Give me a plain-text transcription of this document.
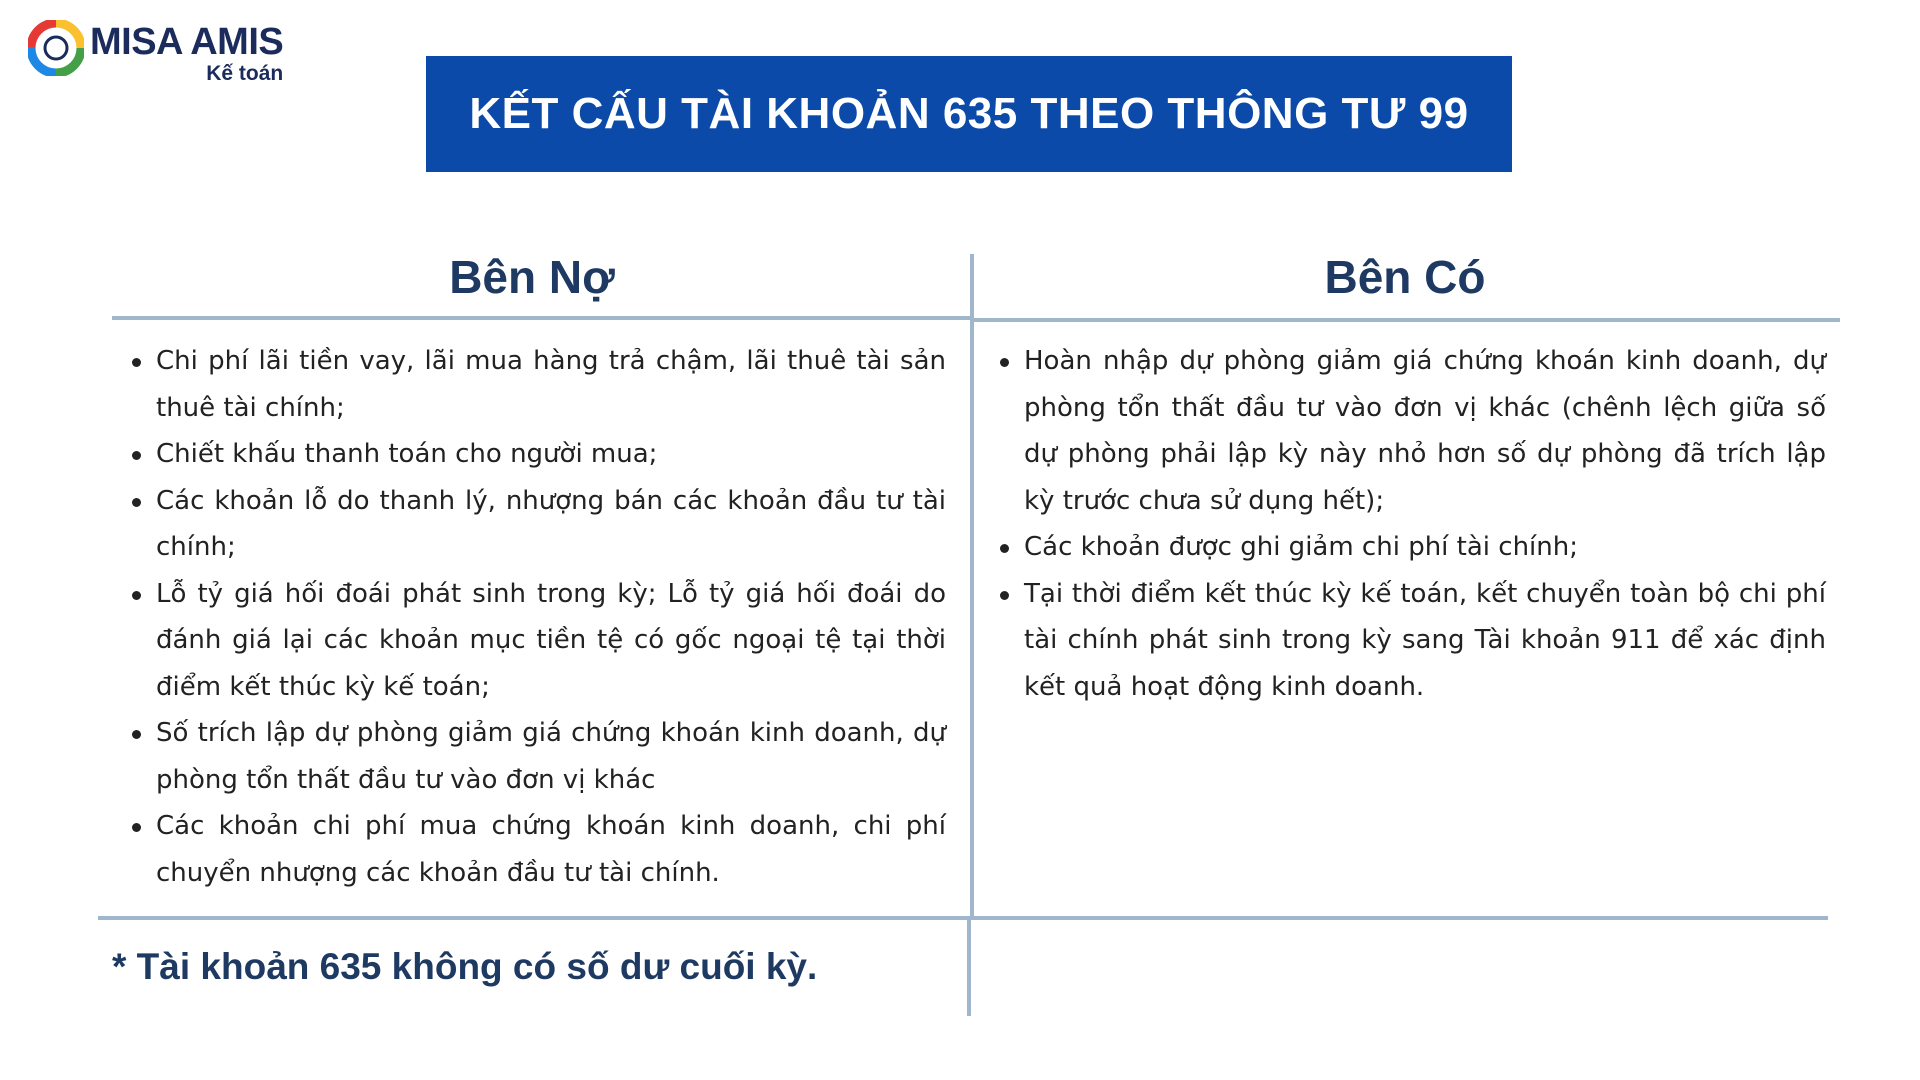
MISA AMIS
Kế toán
KẾT CẤU TÀI KHOẢN 635 THEO THÔNG TƯ 99
Bên Nợ	Bên Có
Chi phí lãi tiền vay, lãi mua hàng trả chậm, lãi thuê tài sản thuê tài chính;
Chiết khấu thanh toán cho người mua;
Các khoản lỗ do thanh lý, nhượng bán các khoản đầu tư tài chính;
Lỗ tỷ giá hối đoái phát sinh trong kỳ; Lỗ tỷ giá hối đoái do đánh giá lại các khoản mục tiền tệ có gốc ngoại tệ tại thời điểm kết thúc kỳ kế toán;
Số trích lập dự phòng giảm giá chứng khoán kinh doanh, dự phòng tổn thất đầu tư vào đơn vị khác
Các khoản chi phí mua chứng khoán kinh doanh, chi phí chuyển nhượng các khoản đầu tư tài chính.
Hoàn nhập dự phòng giảm giá chứng khoán kinh doanh, dự phòng tổn thất đầu tư vào đơn vị khác (chênh lệch giữa số dự phòng phải lập kỳ này nhỏ hơn số dự phòng đã trích lập kỳ trước chưa sử dụng hết);
Các khoản được ghi giảm chi phí tài chính;
Tại thời điểm kết thúc kỳ kế toán, kết chuyển toàn bộ chi phí tài chính phát sinh trong kỳ sang Tài khoản 911 để xác định kết quả hoạt động kinh doanh.
* Tài khoản 635 không có số dư cuối kỳ.
